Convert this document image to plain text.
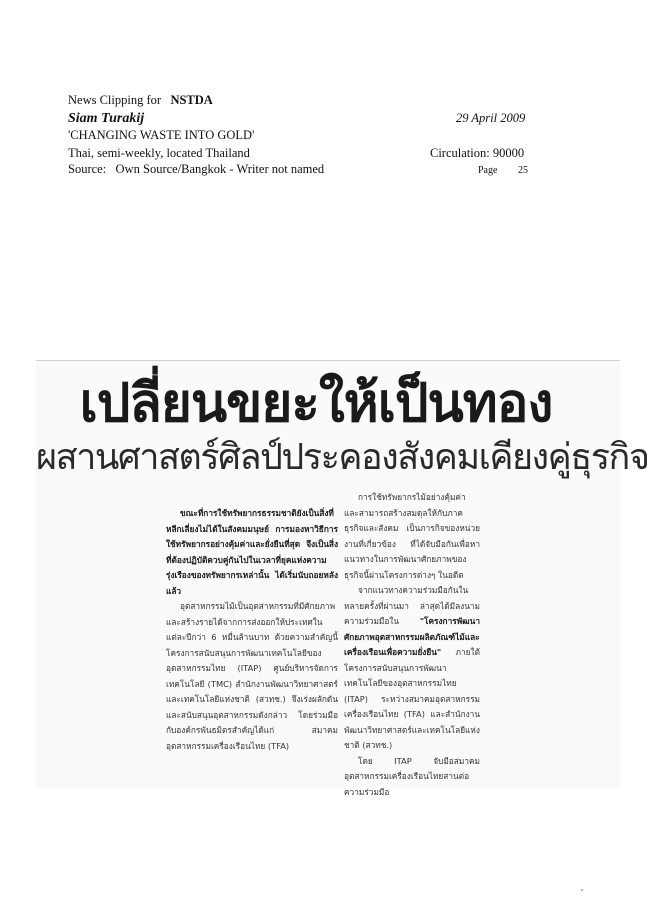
News Clipping for NSTDA
Siam Turakij	29 April 2009
'CHANGING WASTE INTO GOLD'
Thai, semi-weekly, located Thailand	Circulation: 90000
Source:   Own Source/Bangkok - Writer not named	Page 25
เปลี่ยนขยะให้เป็นทอง
ผสานศาสตร์ศิลป์ประคองสังคมเคียงคู่ธุรกิจ

ขณะที่การใช้ทรัพยากรธรรมชาติยังเป็นสิ่งที่หลีกเลี่ยงไม่ได้ในสังคมมนุษย์ การมองหาวิธีการใช้ทรัพยากรอย่างคุ้มค่าและยั่งยืนที่สุด จึงเป็นสิ่งที่ต้องปฏิบัติควบคู่กันไปในเวลาที่ยุคแห่งความรุ่งเรืองของทรัพยากรเหล่านั้น ได้เริ่มนับถอยหลังแล้ว

อุตสาหกรรมไม้เป็นอุตสาหกรรมที่มีศักยภาพและสร้างรายได้จากการส่งออกให้ประเทศในแต่ละปีกว่า 6 หมื่นล้านบาท ด้วยความสำคัญนี้โครงการสนับสนุนการพัฒนาเทคโนโลยีของอุตสาหกรรมไทย (ITAP) ศูนย์บริหารจัดการเทคโนโลยี (TMC) สำนักงานพัฒนาวิทยาศาสตร์และเทคโนโลยีแห่งชาติ (สวทช.) จึงเร่งผลักดันและสนับสนุนอุตสาหกรรมดังกล่าว โดยร่วมมือกับองค์กรพันธมิตรสำคัญได้แก่ สมาคมอุตสาหกรรมเครื่องเรือนไทย (TFA)

การใช้ทรัพยากรไม้อย่างคุ้มค่าและสามารถสร้างสมดุลให้กับภาคธุรกิจและสังคม เป็นภารกิจของหน่วยงานที่เกี่ยวข้อง ที่ได้จับมือกันเพื่อหาแนวทางในการพัฒนาศักยภาพของธุรกิจนี้ผ่านโครงการต่างๆ ในอดีต

จากแนวทางความร่วมมือกันในหลายครั้งที่ผ่านมา ล่าสุดได้มีลงนามความร่วมมือใน "โครงการพัฒนาศักยภาพอุตสาหกรรมผลิตภัณฑ์ไม้และเครื่องเรือนเพื่อความยั่งยืน" ภายใต้โครงการสนับสนุนการพัฒนาเทคโนโลยีของอุตสาหกรรมไทย (ITAP) ระหว่างสมาคมอุตสาหกรรมเครื่องเรือนไทย (TFA) และสำนักงานพัฒนาวิทยาศาสตร์และเทคโนโลยีแห่งชาติ (สวทช.)

โดย ITAP จับมือสมาคมอุตสาหกรรมเครื่องเรือนไทยสานต่อความร่วมมือ
